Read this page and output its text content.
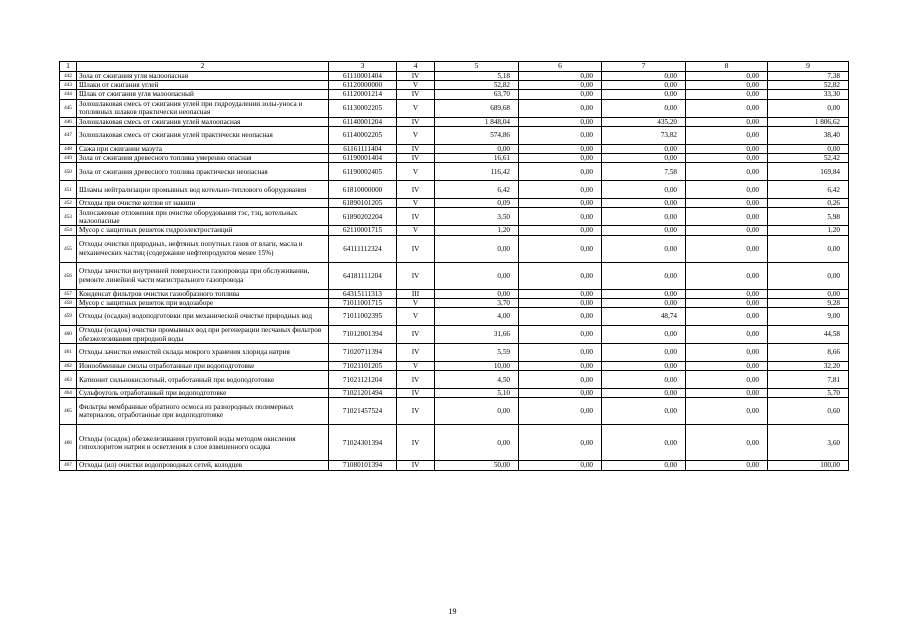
1	2	3	4	5	6	7	8	9
442	Зола от сжигания угля малоопасная	61110001404	IV	5,18	0,00	0,00	0,00	7,38
443	Шлаки от сжигания углей	61120000000	V	52,82	0,00	0,00	0,00	52,82
444	Шлак от сжигания угля малоопасный	61120001214	IV	63,70	0,00	0,00	0,00	33,30
445	Золошлаковая смесь от сжигания углей при гидроудалении золы-уноса и топливных шлаков практически неопасная	61130002205	V	689,68	0,00	0,00	0,00	0,00
446	Золошлаковая смесь от сжигания углей малоопасная	61140001204	IV	1 848,04	0,00	435,20	0,00	1 806,62
447	Золошлаковая смесь от сжигания углей практически неопасная	61140002205	V	574,86	0,00	73,82	0,00	38,40
448	Сажа при сжигании мазута	61161111404	IV	0,00	0,00	0,00	0,00	0,00
449	Зола от сжигания древесного топлива умеренно опасная	61190001404	IV	16,61	0,00	0,00	0,00	52,42
450	Зола от сжигания древесного топлива практически неопасная	61190002405	V	116,42	0,00	7,58	0,00	169,84
451	Шламы нейтрализации промывных вод котельно-теплового оборудования	61810000000	IV	6,42	0,00	0,00	0,00	6,42
452	Отходы при очистке котлов от накипи	61890101205	V	0,09	0,00	0,00	0,00	0,26
453	Золосажевые отложения при очистке оборудования тэс, тэц, котельных малоопасные	61890202204	IV	3,50	0,00	0,00	0,00	5,98
454	Мусор с защитных решеток гидроэлектростанций	62110001715	V	1,20	0,00	0,00	0,00	1,20
455	Отходы очистки природных, нефтяных попутных газов от влаги, масла и механических частиц (содержание нефтепродуктов менее 15%)	64111112324	IV	0,00	0,00	0,00	0,00	0,00
456	Отходы зачистки внутренней поверхности газопровода при обслуживании, ремонте линейной части магистрального газопровода	64181111204	IV	0,00	0,00	0,00	0,00	0,00
457	Конденсат фильтров очистки газообразного топлива	64315111313	III	0,00	0,00	0,00	0,00	0,00
458	Мусор с защитных решеток при водозаборе	71011001715	V	3,70	0,00	0,00	0,00	9,28
459	Отходы (осадки) водоподготовки при механической очистке природных вод	71011002395	V	4,00	0,00	48,74	0,00	9,00
460	Отходы (осадок) очистки промывных вод при регенерации песчаных фильтров обезжелезивания природной воды	71012001394	IV	31,66	0,00	0,00	0,00	44,58
461	Отходы зачистки емкостей склада мокрого хранения хлорида натрия	71020711394	IV	5,59	0,00	0,00	0,00	8,66
462	Ионообменные смолы отработанные при водоподготовке	71021101205	V	10,00	0,00	0,00	0,00	32,20
463	Катионит сильнокислотный, отработанный при водоподготовке	71021121204	IV	4,50	0,00	0,00	0,00	7,81
464	Сульфоуголь отработанный при водоподготовке	71021201494	IV	5,10	0,00	0,00	0,00	5,70
465	Фильтры мембранные обратного осмоса из разнородных полимерных материалов, отработанные при водоподготовке	71021457524	IV	0,00	0,00	0,00	0,00	0,60
466	Отходы (осадок) обезжелезивания грунтовой воды методом окисления гипохлоритом натрия и осветления в слое взвешенного осадка	71024301394	IV	0,00	0,00	0,00	0,00	3,60
467	Отходы (ил) очистки водопроводных сетей, колодцев	71080101394	IV	50,00	0,00	0,00	0,00	100,00
19
